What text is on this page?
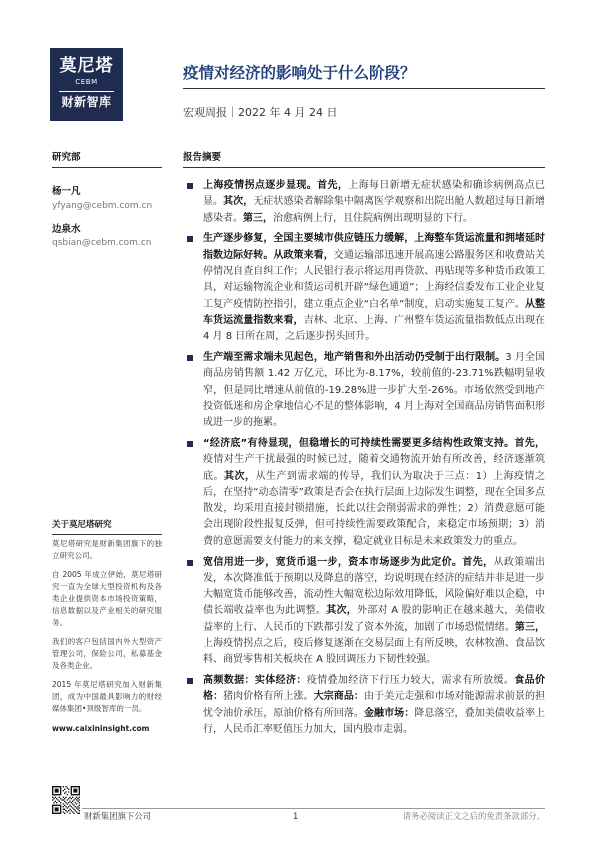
莫尼塔
CEBM
财新智库
疫情对经济的影响处于什么阶段？
宏观周报｜2022 年 4 月 24 日
研究部	报告摘要
杨一凡
yfyang@cebm.com.cn
边泉水
qsbian@cebm.com.cn
关于莫尼塔研究

莫尼塔研究是财新集团旗下的独立研究公司。

自 2005 年成立伊始，莫尼塔研究一直为全球大型投资机构及各类企业提供资本市场投资策略，信息数据以及产业相关的研究服务。

我们的客户包括国内外大型资产管理公司，保险公司，私募基金及各类企业。

2015 年莫尼塔研究加入财新集团，成为中国最具影响力的财经媒体集团•顶级智库的一员。

www.caixininsight.com
上海疫情拐点逐步显现。首先，上海每日新增无症状感染和确诊病例高点已显。其次，无症状感染者解除集中隔离医学观察和出院出舱人数超过每日新增感染者。第三，治愈病例上行，且住院病例出现明显的下行。
生产逐步修复，全国主要城市供应链压力缓解，上海整车货运流量和拥堵延时指数边际好转。从政策来看，交通运输部迅速开展高速公路服务区和收费站关停情况自查自纠工作；人民银行表示将运用再贷款、再贴现等多种货币政策工具，对运输物流企业和货运司机开辟“绿色通道”；上海经信委发布工业企业复工复产疫情防控指引，建立重点企业“白名单”制度，启动实施复工复产。从整车货运流量指数来看，吉林、北京、上海、广州整车货运流量指数低点出现在 4 月 8 日所在周，之后逐步拐头回升。
生产端至需求端未见起色，地产销售和外出活动仍受制于出行限制。3 月全国商品房销售额 1.42 万亿元，环比为-8.17%，较前值的-23.71%跌幅明显收窄，但是同比增速从前值的-19.28%进一步扩大至-26%。市场依然受到地产投资低迷和房企拿地信心不足的整体影响，4 月上海对全国商品房销售面积形成进一步的拖累。
“经济底”有待显现，但稳增长的可持续性需要更多结构性政策支持。首先，疫情对生产干扰最强的时候已过，随着交通物流开始有所改善，经济逐渐筑底。其次，从生产到需求端的传导，我们认为取决于三点：1）上海疫情之后，在坚持“动态清零”政策是否会在执行层面上边际发生调整，现在全国多点散发，均采用直接封锁措施，长此以往会削弱需求的弹性；2）消费意愿可能会出现阶段性报复反弹，但可持续性需要政策配合，来稳定市场预期；3）消费的意愿需要支付能力的来支撑，稳定就业目标是未来政策发力的重点。
宽信用进一步，宽货币退一步，资本市场逐步为此定价。首先，从政策端出发，本次降准低于预期以及降息的落空，均说明现在经济的症结并非是进一步大幅宽货币能够改善，流动性大幅宽松边际效用降低，风险偏好难以企稳，中债长端收益率也为此调整。其次，外部对 A 股的影响正在越来越大，美债收益率的上行、人民币的下跌都引发了资本外流，加剧了市场恐慌情绪。第三，上海疫情拐点之后，疫后修复逐渐在交易层面上有所反映，农林牧渔、食品饮料、商贸零售相关板块在 A 股回调压力下韧性较强。
高频数据：实体经济：疫情叠加经济下行压力较大，需求有所放缓。食品价格：猪肉价格有所上涨。大宗商品：由于美元走强和市场对能源需求前景的担忧令油价承压，原油价格有所回落。金融市场：降息落空，叠加美债收益率上行，人民币汇率贬值压力加大，国内股市走弱。
财新集团旗下公司	1	请务必阅读正文之后的免责条款部分。
